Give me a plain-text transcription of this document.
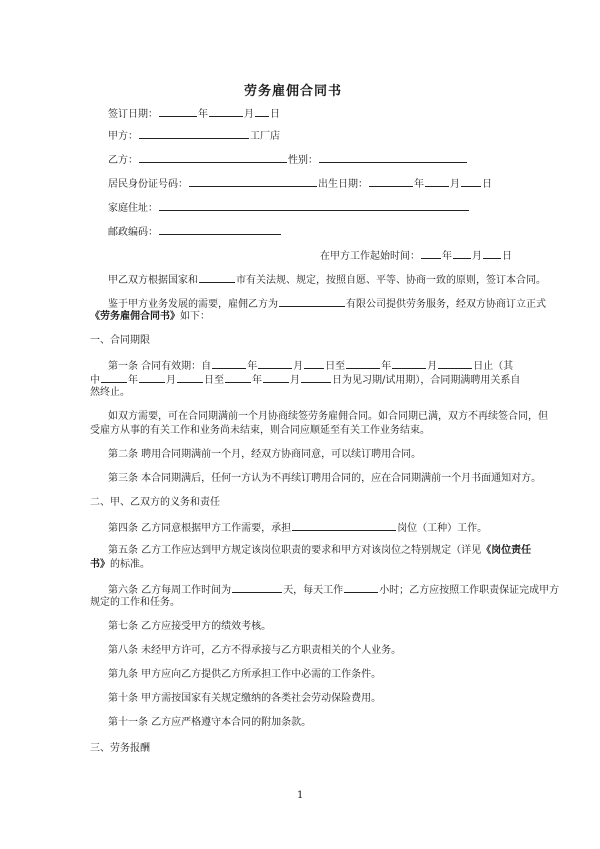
劳务雇佣合同书
签订日期：	年	月 日
甲方：	工厂店
乙方：	性别：
居民身份证号码：	出生日期：	年	月 日
家庭住址：
邮政编码：
在甲方工作起始时间： 年 月 日
甲乙双方根据国家和	市有关法规、规定，按照自愿、平等、协商一致的原则，签订本合同。
鉴于甲方业务发展的需要，雇佣乙方为	有限公司提供劳务服务，经双方协商订立正式
《劳务雇佣合同书》如下：
一、合同期限
第一条 合同有效期：自	年	月 日至	年	月	日止（其
中	年	月	日至	年	月	日为见习期/试用期），合同期满聘用关系自
然终止。
如双方需要，可在合同期满前一个月协商续签劳务雇佣合同。如合同期已满，双方不再续签合同，但
受雇方从事的有关工作和业务尚未结束，则合同应顺延至有关工作业务结束。
第二条 聘用合同期满前一个月，经双方协商同意，可以续订聘用合同。
第三条 本合同期满后，任何一方认为不再续订聘用合同的，应在合同期满前一个月书面通知对方。
二、甲、乙双方的义务和责任
第四条 乙方同意根据甲方工作需要，承担	岗位（工种）工作。
第五条 乙方工作应达到甲方规定该岗位职责的要求和甲方对该岗位之特别规定（详见《岗位责任
书》的标准。
第六条 乙方每周工作时间为	天，每天工作	小时；乙方应按照工作职责保证完成甲方
规定的工作和任务。
第七条 乙方应接受甲方的绩效考核。
第八条 未经甲方许可，乙方不得承接与乙方职责相关的个人业务。
第九条 甲方应向乙方提供乙方所承担工作中必需的工作条件。
第十条 甲方需按国家有关规定缴纳的各类社会劳动保险费用。
第十一条 乙方应严格遵守本合同的附加条款。
三、劳务报酬
1
